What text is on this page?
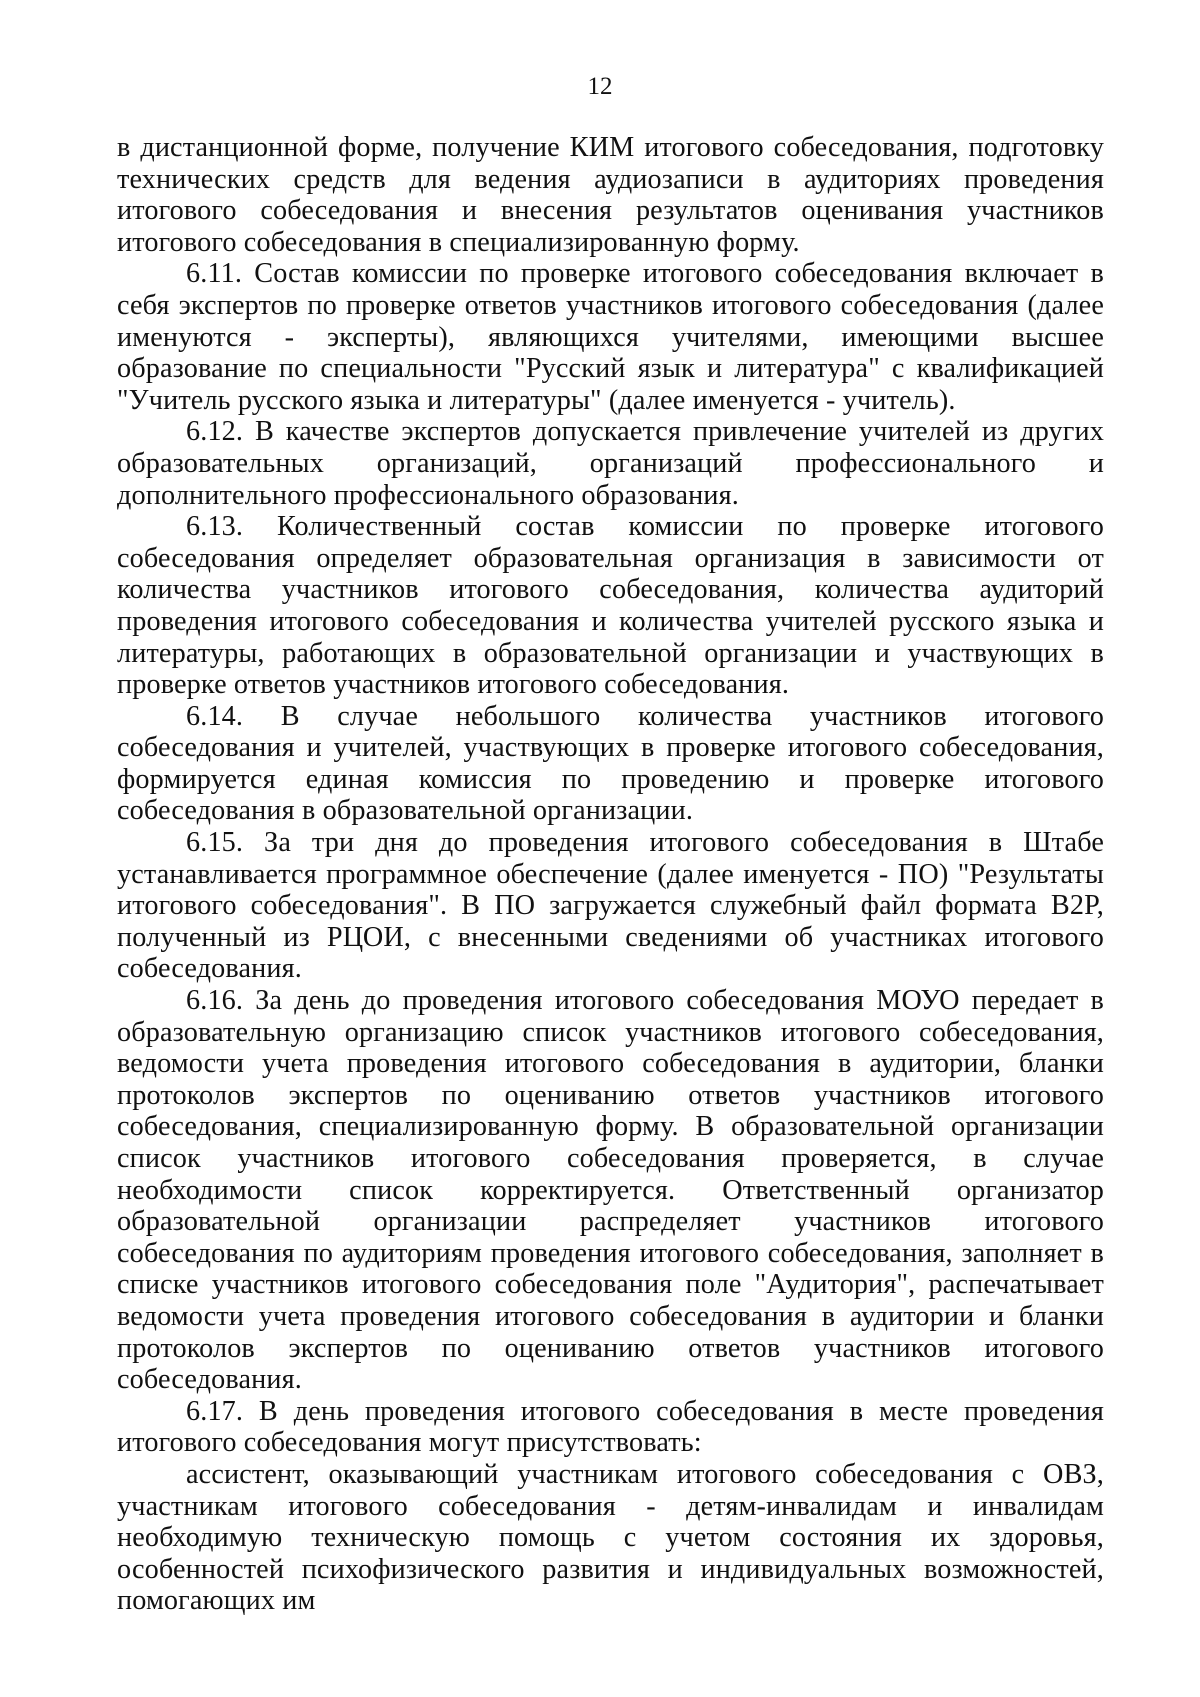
12

в дистанционной форме, получение КИМ итогового собеседования, подготовку технических средств для ведения аудиозаписи в аудиториях проведения итогового собеседования и внесения результатов оценивания участников итогового собеседования в специализированную форму.

6.11. Состав комиссии по проверке итогового собеседования включает в себя экспертов по проверке ответов участников итогового собеседования (далее именуются - эксперты), являющихся учителями, имеющими высшее образование по специальности "Русский язык и литература" с квалификацией "Учитель русского языка и литературы" (далее именуется - учитель).

6.12. В качестве экспертов допускается привлечение учителей из других образовательных организаций, организаций профессионального и дополнительного профессионального образования.

6.13. Количественный состав комиссии по проверке итогового собеседования определяет образовательная организация в зависимости от количества участников итогового собеседования, количества аудиторий проведения итогового собеседования и количества учителей русского языка и литературы, работающих в образовательной организации и участвующих в проверке ответов участников итогового собеседования.

6.14. В случае небольшого количества участников итогового собеседования и учителей, участвующих в проверке итогового собеседования, формируется единая комиссия по проведению и проверке итогового собеседования в образовательной организации.

6.15. За три дня до проведения итогового собеседования в Штабе устанавливается программное обеспечение (далее именуется - ПО) "Результаты итогового собеседования". В ПО загружается служебный файл формата B2P, полученный из РЦОИ, с внесенными сведениями об участниках итогового собеседования.

6.16. За день до проведения итогового собеседования МОУО передает в образовательную организацию список участников итогового собеседования, ведомости учета проведения итогового собеседования в аудитории, бланки протоколов экспертов по оцениванию ответов участников итогового собеседования, специализированную форму. В образовательной организации список участников итогового собеседования проверяется, в случае необходимости список корректируется. Ответственный организатор образовательной организации распределяет участников итогового собеседования по аудиториям проведения итогового собеседования, заполняет в списке участников итогового собеседования поле "Аудитория", распечатывает ведомости учета проведения итогового собеседования в аудитории и бланки протоколов экспертов по оцениванию ответов участников итогового собеседования.

6.17. В день проведения итогового собеседования в месте проведения итогового собеседования могут присутствовать:

ассистент, оказывающий участникам итогового собеседования с ОВЗ, участникам итогового собеседования - детям-инвалидам и инвалидам необходимую техническую помощь с учетом состояния их здоровья, особенностей психофизического развития и индивидуальных возможностей, помогающих им
